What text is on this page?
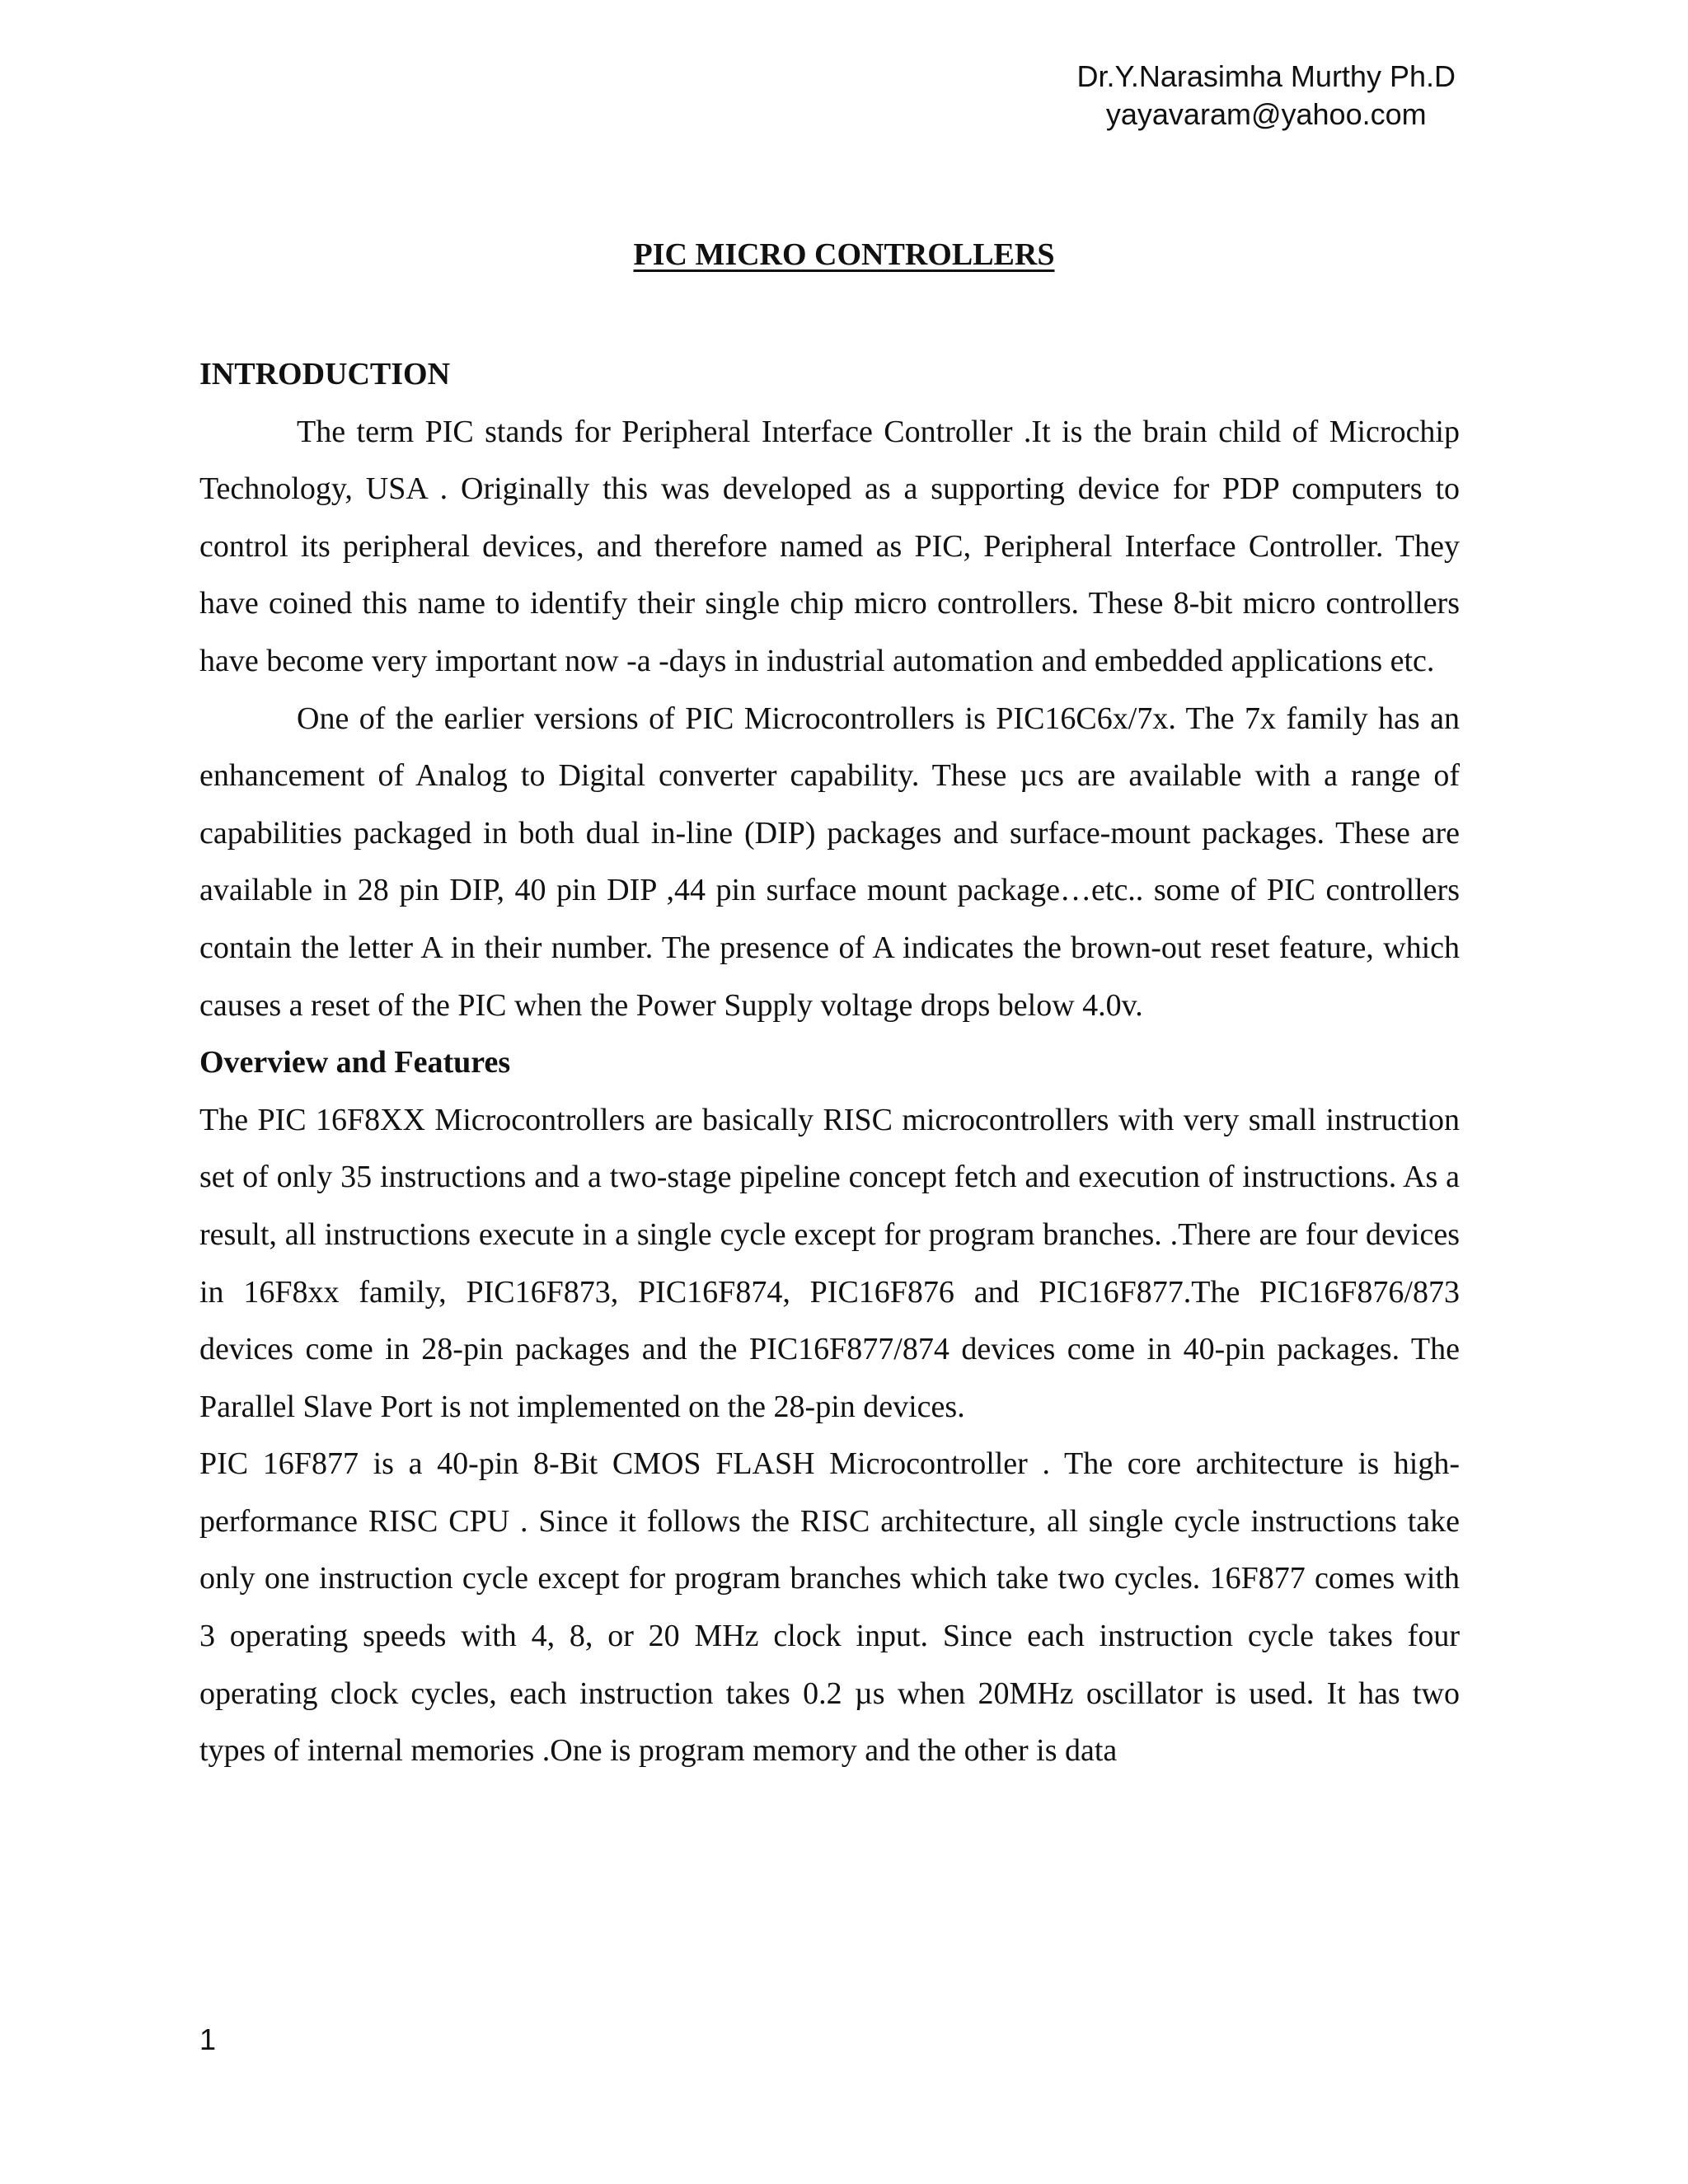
Dr.Y.Narasimha Murthy Ph.D
yayavaram@yahoo.com
PIC MICRO CONTROLLERS

INTRODUCTION

The term PIC stands for Peripheral Interface Controller .It is the brain child of Microchip Technology, USA . Originally this was developed as a supporting device for PDP computers to control its peripheral devices, and therefore named as PIC, Peripheral Interface Controller. They have coined this name to identify their single chip micro controllers. These 8-bit micro controllers have become very important now -a -days in industrial automation and embedded applications etc.

One of the earlier versions of PIC Microcontrollers is PIC16C6x/7x. The 7x family has an enhancement of Analog to Digital converter capability. These µcs are available with a range of capabilities packaged in both dual in-line (DIP) packages and surface-mount packages. These are available in 28 pin DIP, 40 pin DIP ,44 pin surface mount package…etc.. some of PIC controllers contain the letter A in their number. The presence of A indicates the brown-out reset feature, which causes a reset of the PIC when the Power Supply voltage drops below 4.0v.

Overview and Features

The PIC 16F8XX Microcontrollers are basically RISC microcontrollers with very small instruction set of only 35 instructions and a two-stage pipeline concept fetch and execution of instructions. As a result, all instructions execute in a single cycle except for program branches. .There are four devices in 16F8xx family, PIC16F873, PIC16F874, PIC16F876 and PIC16F877.The PIC16F876/873 devices come in 28-pin packages and the PIC16F877/874 devices come in 40-pin packages. The Parallel Slave Port is not implemented on the 28-pin devices.

PIC 16F877 is a 40-pin 8-Bit CMOS FLASH Microcontroller . The core architecture is high-performance RISC CPU . Since it follows the RISC architecture, all single cycle instructions take only one instruction cycle except for program branches which take two cycles. 16F877 comes with 3 operating speeds with 4, 8, or 20 MHz clock input. Since each instruction cycle takes four operating clock cycles, each instruction takes 0.2 µs when 20MHz oscillator is used. It has two types of internal memories .One is program memory and the other is data

1
